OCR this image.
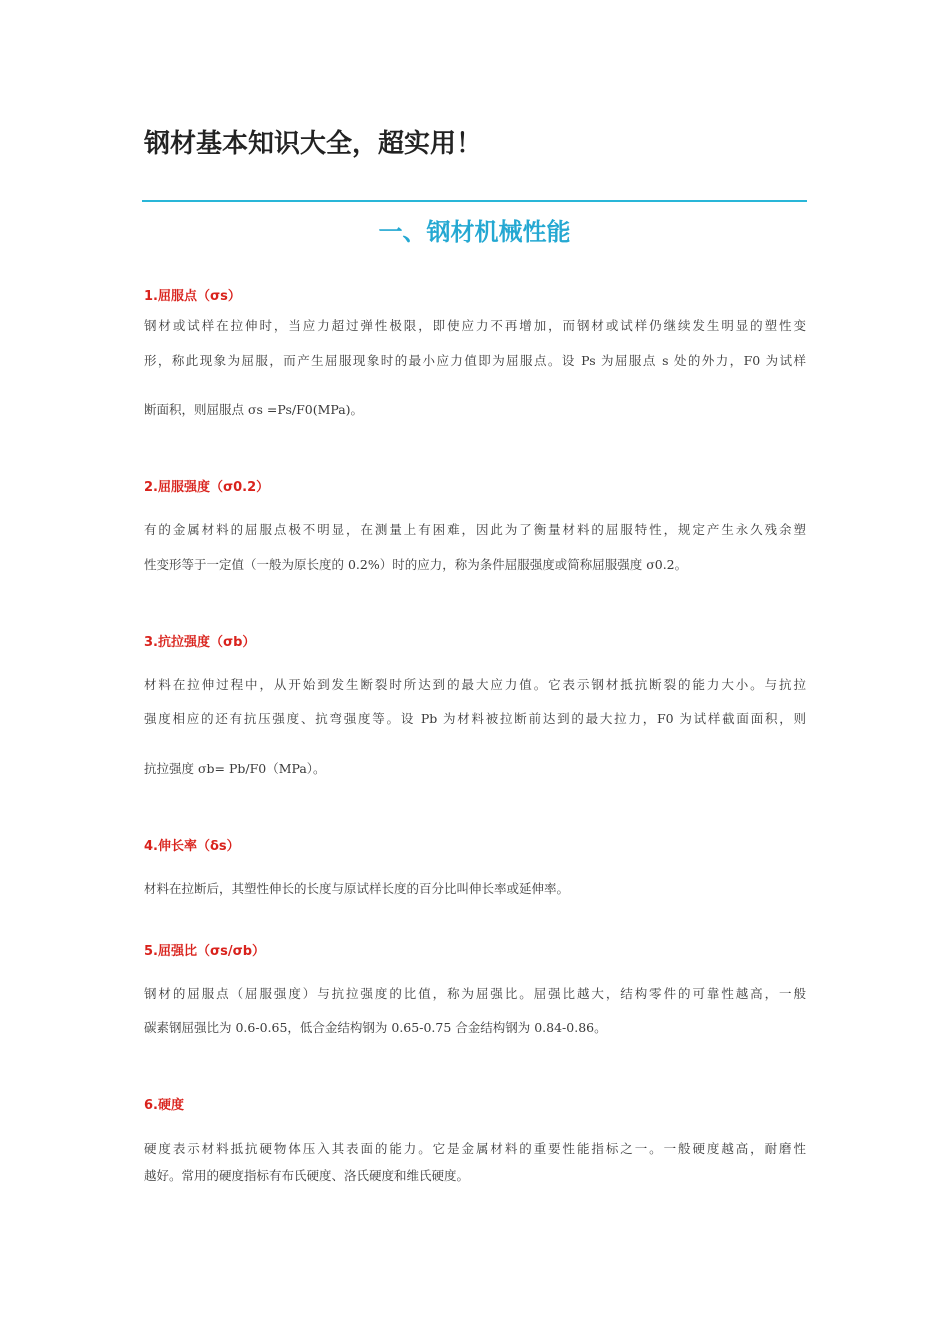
钢材基本知识大全，超实用！
一、钢材机械性能
1.屈服点（σs）

钢材或试样在拉伸时，当应力超过弹性极限，即使应力不再增加，而钢材或试样仍继续发生明显的塑性变

形，称此现象为屈服，而产生屈服现象时的最小应力值即为屈服点。设 Ps 为屈服点 s 处的外力，F0 为试样

断面积，则屈服点 σs =Ps/F0(MPa)。

2.屈服强度（σ0.2）

有的金属材料的屈服点极不明显，在测量上有困难，因此为了衡量材料的屈服特性，规定产生永久残余塑

性变形等于一定值（一般为原长度的 0.2%）时的应力，称为条件屈服强度或简称屈服强度 σ0.2。

3.抗拉强度（σb）

材料在拉伸过程中，从开始到发生断裂时所达到的最大应力值。它表示钢材抵抗断裂的能力大小。与抗拉

强度相应的还有抗压强度、抗弯强度等。设 Pb 为材料被拉断前达到的最大拉力，F0 为试样截面面积，则

抗拉强度 σb= Pb/F0（MPa）。

4.伸长率（δs）

材料在拉断后，其塑性伸长的长度与原试样长度的百分比叫伸长率或延伸率。

5.屈强比（σs/σb）

钢材的屈服点（屈服强度）与抗拉强度的比值，称为屈强比。屈强比越大，结构零件的可靠性越高，一般

碳素钢屈强比为 0.6-0.65，低合金结构钢为 0.65-0.75 合金结构钢为 0.84-0.86。

6.硬度

硬度表示材料抵抗硬物体压入其表面的能力。它是金属材料的重要性能指标之一。一般硬度越高，耐磨性

越好。常用的硬度指标有布氏硬度、洛氏硬度和维氏硬度。
